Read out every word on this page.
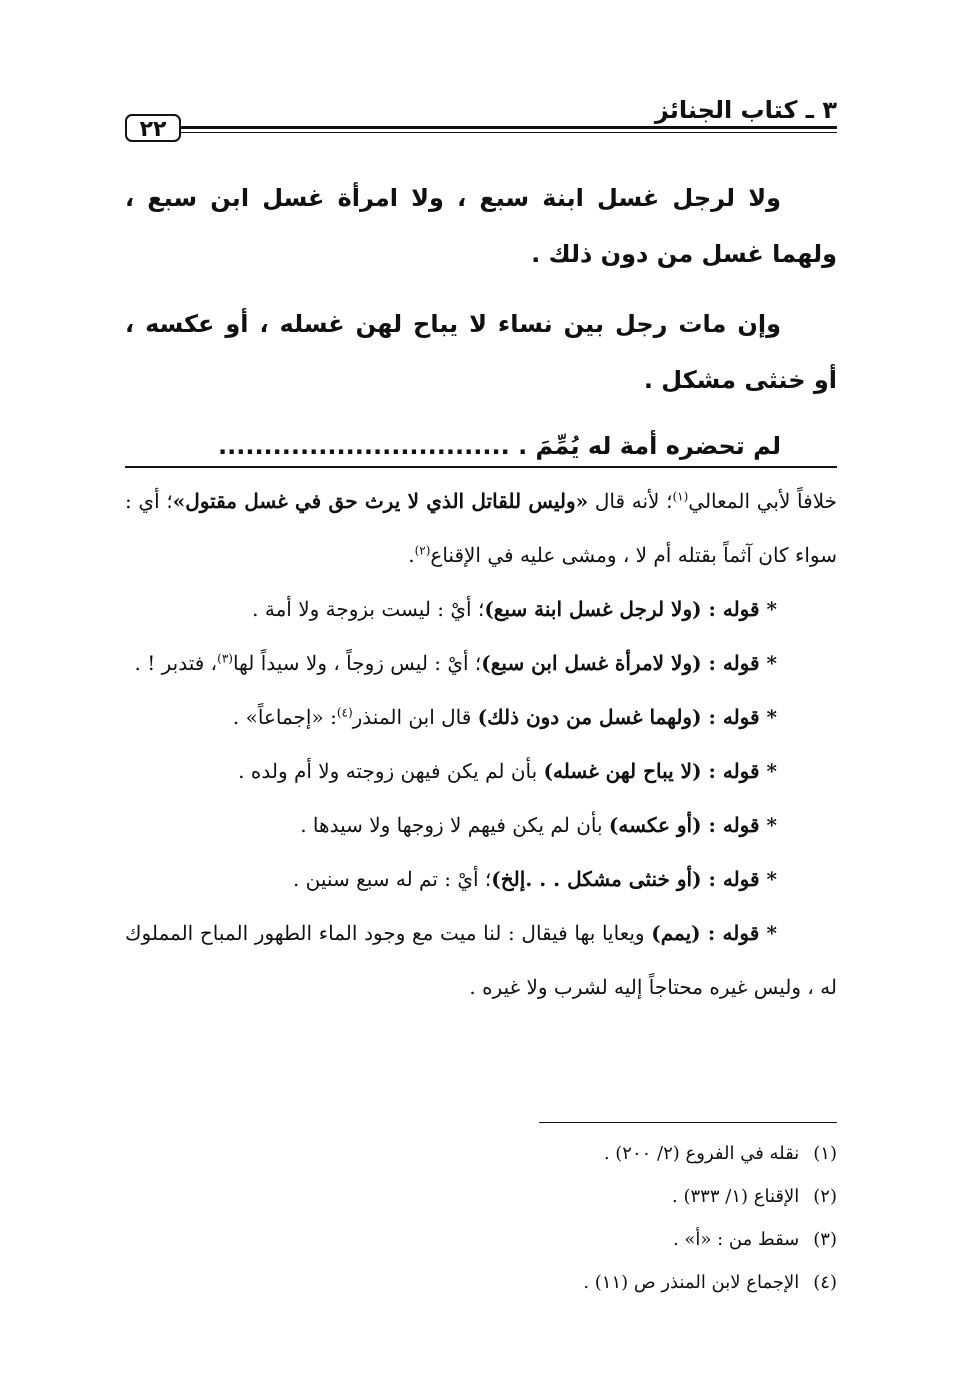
٢٢
٣ ـ كتاب الجنائز

ولا لرجل غسل ابنة سبع ، ولا امرأة غسل ابن سبع ، ولهما غسل من دون ذلك .

وإن مات رجل بين نساء لا يباح لهن غسله ، أو عكسه ، أو خنثى مشكل .

لم تحضره أمة له يُمِّمَ . ................................

خلافاً لأبي المعالي$^{(١)}$؛ لأنه قال «وليس للقاتل الذي لا يرث حق في غسل مقتول»؛ أي : سواء كان آثماً بقتله أم لا ، ومشى عليه في الإقناع$^{(٢)}$.

* قوله : (ولا لرجل غسل ابنة سبع)؛ أيْ : ليست بزوجة ولا أمة .

* قوله : (ولا لامرأة غسل ابن سبع)؛ أيْ : ليس زوجاً ، ولا سيداً لها$^{(٣)}$، فتدبر ! .

* قوله : (ولهما غسل من دون ذلك) قال ابن المنذر$^{(٤)}$: «إجماعاً» .

* قوله : (لا يباح لهن غسله) بأن لم يكن فيهن زوجته ولا أم ولده .

* قوله : (أو عكسه) بأن لم يكن فيهم لا زوجها ولا سيدها .

* قوله : (أو خنثى مشكل . . .إلخ)؛ أيْ : تم له سبع سنين .

* قوله : (يمم) ويعايا بها فيقال : لنا ميت مع وجود الماء الطهور المباح المملوك له ، وليس غيره محتاجاً إليه لشرب ولا غيره .

(١)نقله في الفروع (٢/ ٢٠٠) .
(٢)الإقناع (١/ ٣٣٣) .
(٣)سقط من : «أ» .
(٤)الإجماع لابن المنذر ص (١١) .
